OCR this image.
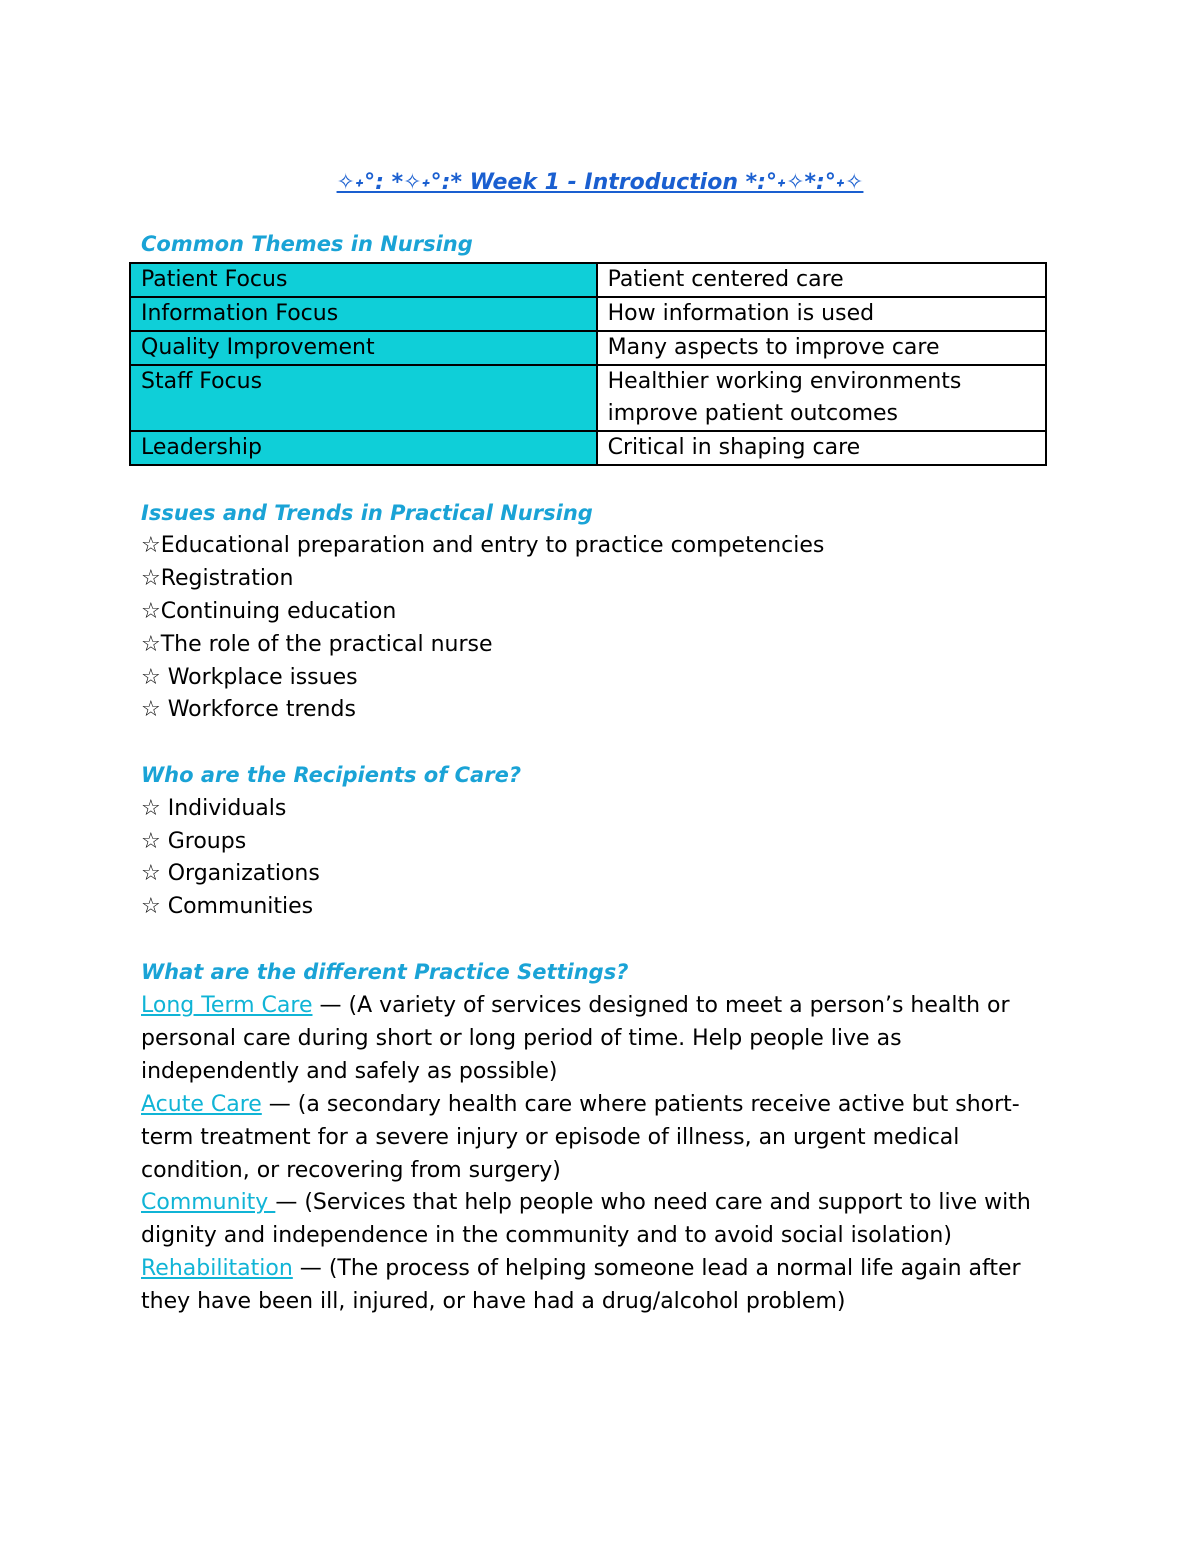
✧˖°: *✧˖°:* Week 1 - Introduction *:°˖✧*:°˖✧
Common Themes in Nursing
Patient Focus	Patient centered care
Information Focus	How information is used
Quality Improvement	Many aspects to improve care
Staff Focus	Healthier working environments improve patient outcomes
Leadership	Critical in shaping care
Issues and Trends in Practical Nursing
☆Educational preparation and entry to practice competencies
☆Registration
☆Continuing education
☆The role of the practical nurse
☆ Workplace issues
☆ Workforce trends
Who are the Recipients of Care?
☆ Individuals
☆ Groups
☆ Organizations
☆ Communities
What are the different Practice Settings?
Long Term Care — (A variety of services designed to meet a person’s health or personal care during short or long period of time. Help people live as independently and safely as possible)
Acute Care — (a secondary health care where patients receive active but short-term treatment for a severe injury or episode of illness, an urgent medical condition, or recovering from surgery)
Community — (Services that help people who need care and support to live with dignity and independence in the community and to avoid social isolation)
Rehabilitation — (The process of helping someone lead a normal life again after they have been ill, injured, or have had a drug/alcohol problem)
